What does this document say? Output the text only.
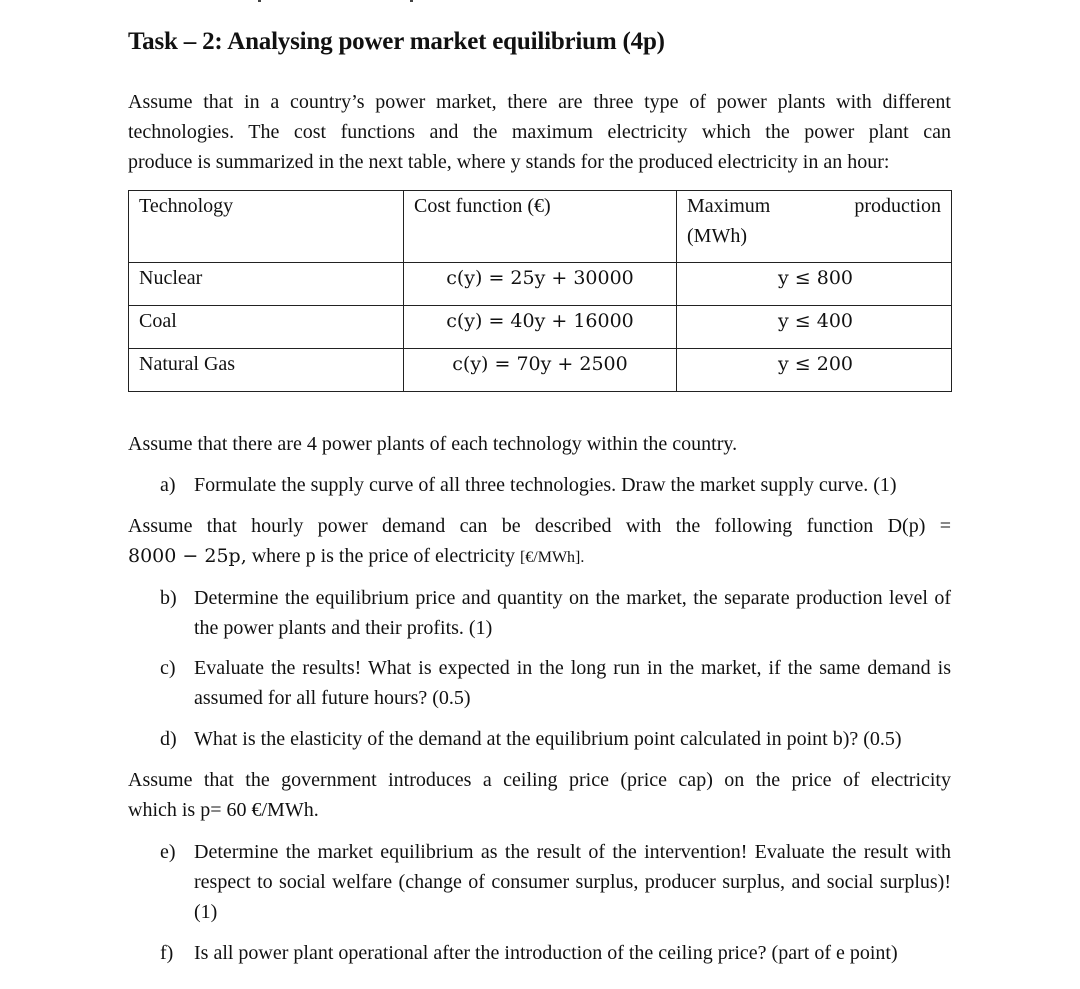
Task – 2: Analysing power market equilibrium (4p)

Assume that in a country’s power market, there are three type of power plants with different
technologies. The cost functions and the maximum electricity which the power plant can
produce is summarized in the next table, where y stands for the produced electricity in an hour:

Technology	Cost function (€)	Maximum production
(MWh)

Nuclear	c(y) = 25y + 30000	y ≤ 800
Coal	c(y) = 40y + 16000	y ≤ 400
Natural Gas	c(y) = 70y + 2500	y ≤ 200

Assume that there are 4 power plants of each technology within the country.

a) Formulate the supply curve of all three technologies. Draw the market supply curve. (1)

Assume that hourly power demand can be described with the following function D(p) =
8000 − 25p, where p is the price of electricity [€/MWh].

b) Determine the equilibrium price and quantity on the market, the separate production level of the power plants and their profits. (1)
c) Evaluate the results! What is expected in the long run in the market, if the same demand is assumed for all future hours? (0.5)
d) What is the elasticity of the demand at the equilibrium point calculated in point b)? (0.5)

Assume that the government introduces a ceiling price (price cap) on the price of electricity
which is p= 60 €/MWh.

e) Determine the market equilibrium as the result of the intervention! Evaluate the result with respect to social welfare (change of consumer surplus, producer surplus, and social surplus)! (1)
f) Is all power plant operational after the introduction of the ceiling price? (part of e point)
